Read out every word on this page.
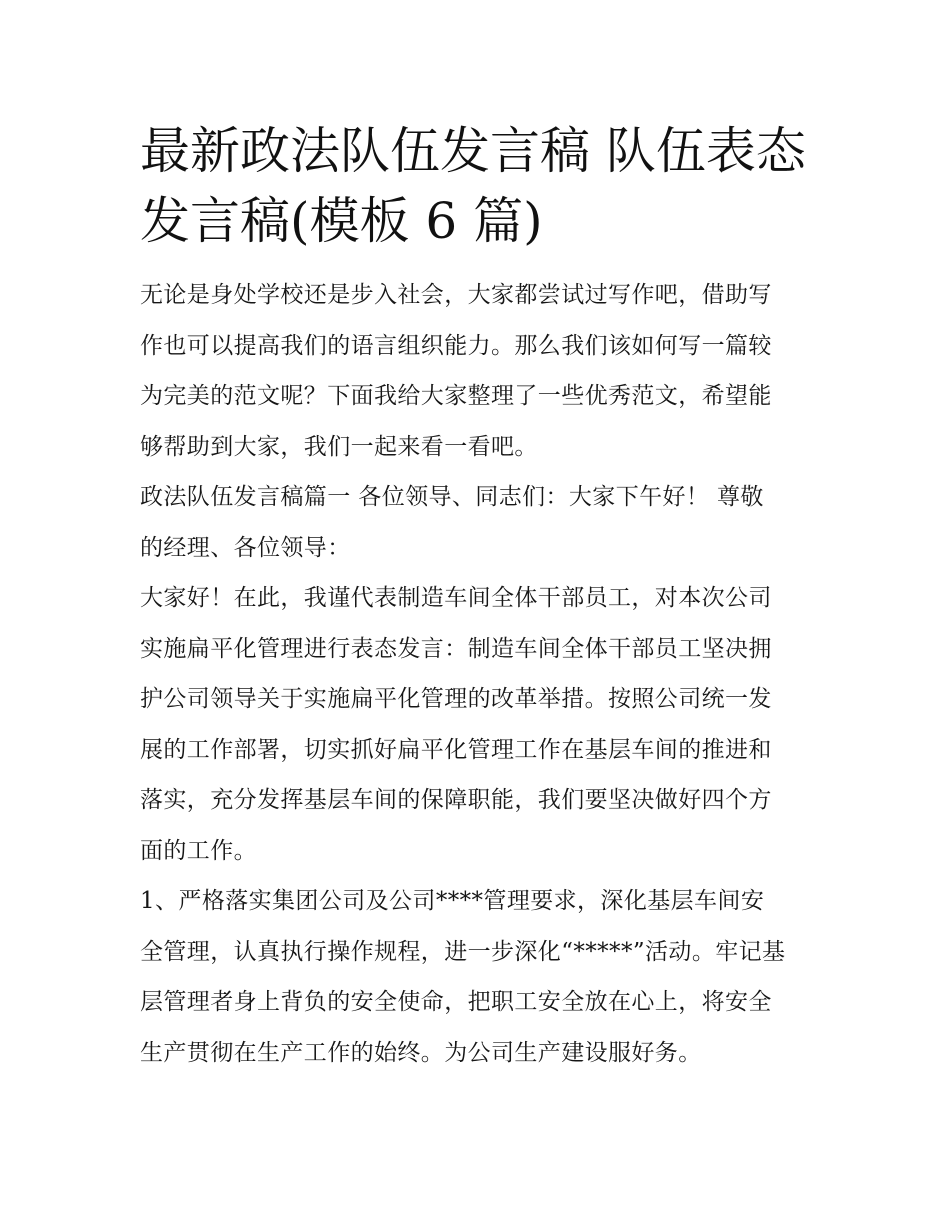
最新政法队伍发言稿 队伍表态
发言稿(模板 6 篇)

无论是身处学校还是步入社会，大家都尝试过写作吧，借助写
作也可以提高我们的语言组织能力。那么我们该如何写一篇较
为完美的范文呢？下面我给大家整理了一些优秀范文，希望能
够帮助到大家，我们一起来看一看吧。

政法队伍发言稿篇一 各位领导、同志们：大家下午好！ 尊敬
的经理、各位领导：

大家好！在此，我谨代表制造车间全体干部员工，对本次公司
实施扁平化管理进行表态发言：制造车间全体干部员工坚决拥
护公司领导关于实施扁平化管理的改革举措。按照公司统一发
展的工作部署，切实抓好扁平化管理工作在基层车间的推进和
落实，充分发挥基层车间的保障职能，我们要坚决做好四个方
面的工作。

1、严格落实集团公司及公司****管理要求，深化基层车间安
全管理，认真执行操作规程，进一步深化“*****”活动。牢记基
层管理者身上背负的安全使命，把职工安全放在心上，将安全
生产贯彻在生产工作的始终。为公司生产建设服好务。
